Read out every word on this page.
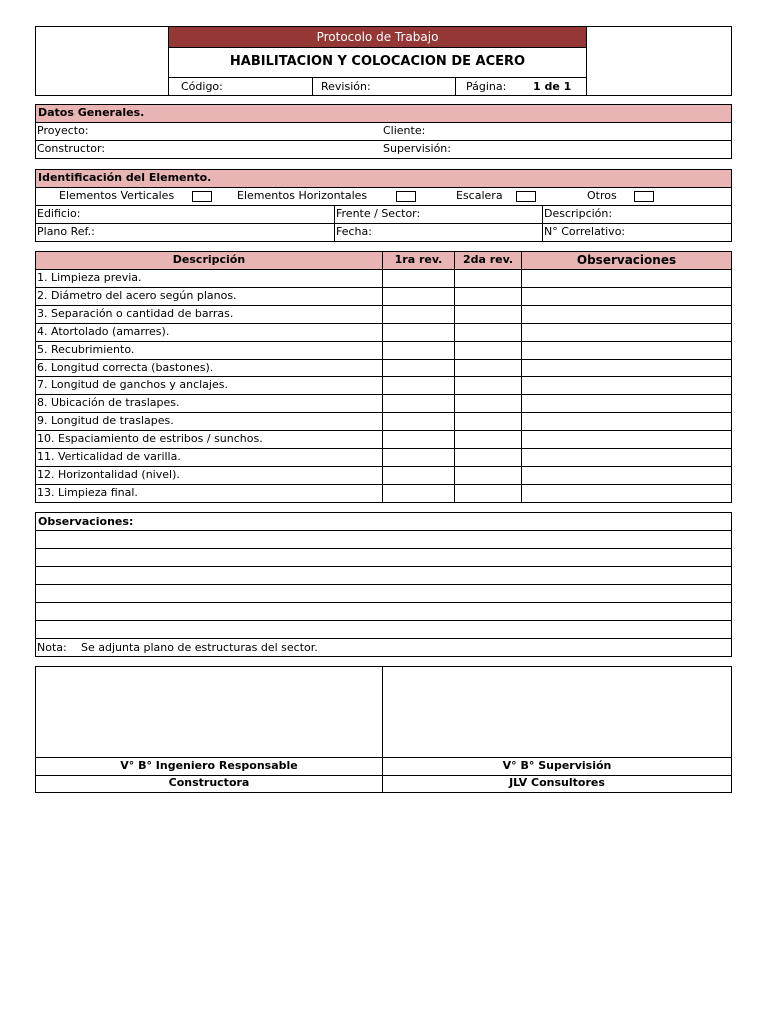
Protocolo de Trabajo
HABILITACION Y COLOCACION DE ACERO
Código:	Revisión:	Página: 1 de 1
Datos Generales.
Proyecto:	Cliente:
Constructor:	Supervisión:
Identificación del Elemento.
Elementos Verticales	Elementos Horizontales	Escalera	Otros
Edificio:	Frente / Sector:	Descripción:
Plano Ref.:	Fecha:	N° Correlativo:
Descripción	1ra rev.	2da rev.	Observaciones
1. Limpieza previa.
2. Diámetro del acero según planos.
3. Separación o cantidad de barras.
4. Atortolado (amarres).
5. Recubrimiento.
6. Longitud correcta (bastones).
7. Longitud de ganchos y anclajes.
8. Ubicación de traslapes.
9. Longitud de traslapes.
10. Espaciamiento de estribos / sunchos.
11. Verticalidad de varilla.
12. Horizontalidad (nivel).
13. Limpieza final.
Observaciones:
Nota: Se adjunta plano de estructuras del sector.
V° B° Ingeniero Responsable	V° B° Supervisión
Constructora	JLV Consultores
